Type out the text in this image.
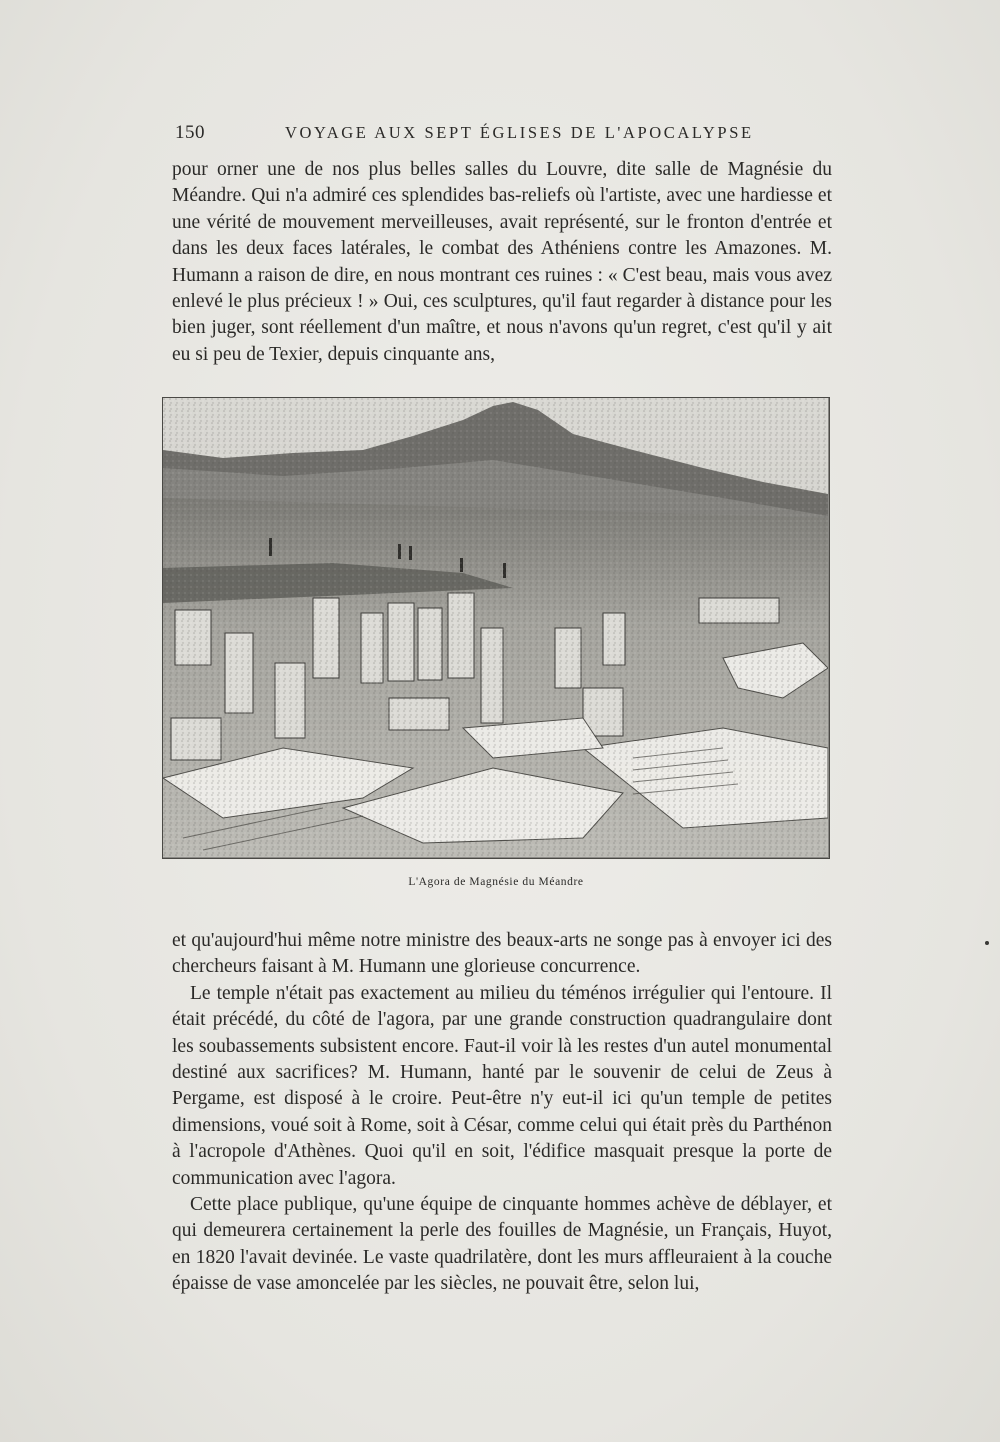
150	VOYAGE AUX SEPT ÉGLISES DE L'APOCALYPSE

pour orner une de nos plus belles salles du Louvre, dite salle de Magnésie du Méandre. Qui n'a admiré ces splendides bas-reliefs où l'artiste, avec une hardiesse et une vérité de mouvement merveilleuses, avait représenté, sur le fronton d'entrée et dans les deux faces latérales, le combat des Athéniens contre les Amazones. M. Humann a raison de dire, en nous montrant ces ruines : « C'est beau, mais vous avez enlevé le plus précieux ! » Oui, ces sculptures, qu'il faut regarder à distance pour les bien juger, sont réellement d'un maître, et nous n'avons qu'un regret, c'est qu'il y ait eu si peu de Texier, depuis cinquante ans,

L'Agora de Magnésie du Méandre

et qu'aujourd'hui même notre ministre des beaux-arts ne songe pas à envoyer ici des chercheurs faisant à M. Humann une glorieuse concurrence.

Le temple n'était pas exactement au milieu du téménos irrégulier qui l'entoure. Il était précédé, du côté de l'agora, par une grande construction quadrangulaire dont les soubassements subsistent encore. Faut-il voir là les restes d'un autel monumental destiné aux sacrifices? M. Humann, hanté par le souvenir de celui de Zeus à Pergame, est disposé à le croire. Peut-être n'y eut-il ici qu'un temple de petites dimensions, voué soit à Rome, soit à César, comme celui qui était près du Parthénon à l'acropole d'Athènes. Quoi qu'il en soit, l'édifice masquait presque la porte de communication avec l'agora.

Cette place publique, qu'une équipe de cinquante hommes achève de déblayer, et qui demeurera certainement la perle des fouilles de Magnésie, un Français, Huyot, en 1820 l'avait devinée. Le vaste quadrilatère, dont les murs affleuraient à la couche épaisse de vase amoncelée par les siècles, ne pouvait être, selon lui,
